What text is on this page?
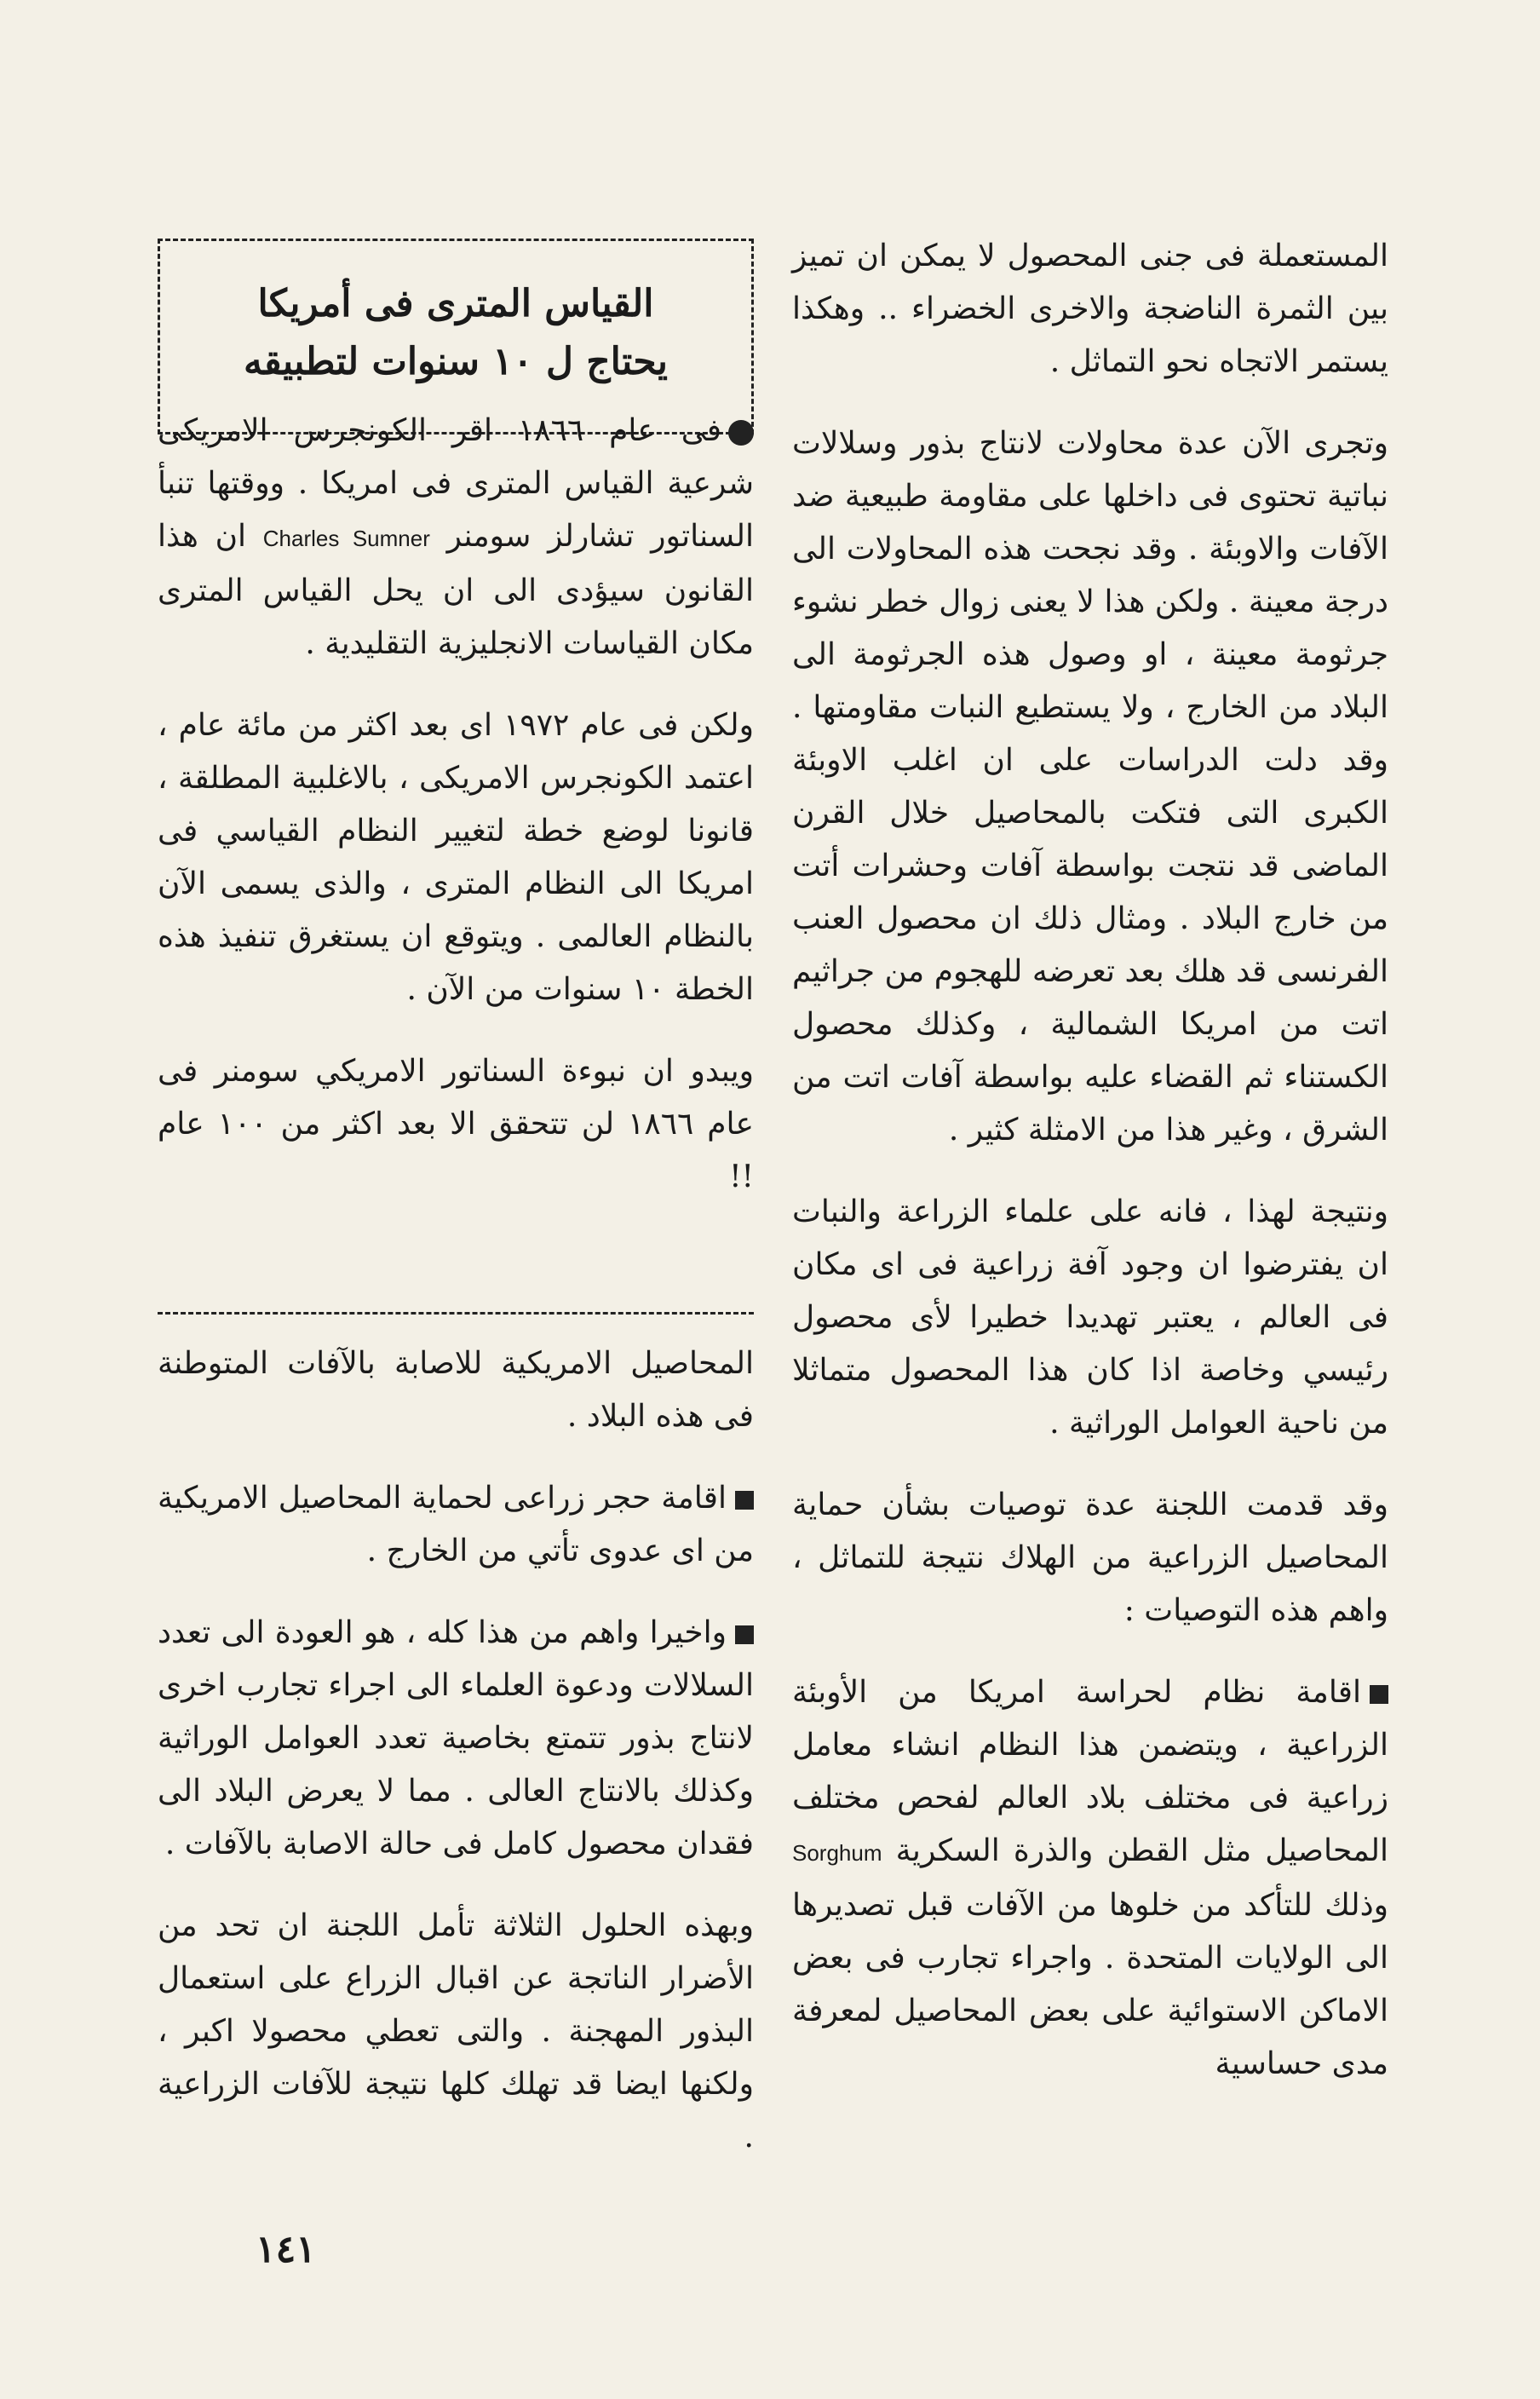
المستعملة فى جنى المحصول لا يمكن ان تميز بين الثمرة الناضجة والاخرى الخضراء .. وهكذا يستمر الاتجاه نحو التماثل .

وتجرى الآن عدة محاولات لانتاج بذور وسلالات نباتية تحتوى فى داخلها على مقاومة طبيعية ضد الآفات والاوبئة . وقد نجحت هذه المحاولات الى درجة معينة . ولكن هذا لا يعنى زوال خطر نشوء جرثومة معينة ، او وصول هذه الجرثومة الى البلاد من الخارج ، ولا يستطيع النبات مقاومتها . وقد دلت الدراسات على ان اغلب الاوبئة الكبرى التى فتكت بالمحاصيل خلال القرن الماضى قد نتجت بواسطة آفات وحشرات أتت من خارج البلاد . ومثال ذلك ان محصول العنب الفرنسى قد هلك بعد تعرضه للهجوم من جراثيم اتت من امريكا الشمالية ، وكذلك محصول الكستناء ثم القضاء عليه بواسطة آفات اتت من الشرق ، وغير هذا من الامثلة كثير .

ونتيجة لهذا ، فانه على علماء الزراعة والنبات ان يفترضوا ان وجود آفة زراعية فى اى مكان فى العالم ، يعتبر تهديدا خطيرا لأى محصول رئيسي وخاصة اذا كان هذا المحصول متماثلا من ناحية العوامل الوراثية .

وقد قدمت اللجنة عدة توصيات بشأن حماية المحاصيل الزراعية من الهلاك نتيجة للتماثل ، واهم هذه التوصيات :

اقامة نظام لحراسة امريكا من الأوبئة الزراعية ، ويتضمن هذا النظام انشاء معامل زراعية فى مختلف بلاد العالم لفحص مختلف المحاصيل مثل القطن والذرة السكرية Sorghum وذلك للتأكد من خلوها من الآفات قبل تصديرها الى الولايات المتحدة . واجراء تجارب فى بعض الاماكن الاستوائية على بعض المحاصيل لمعرفة مدى حساسية

القياس المترى فى أمريكا
يحتاج ل ١٠ سنوات لتطبيقه

فى عام ١٨٦٦ اقر الكونجرس الامريكى شرعية القياس المترى فى امريكا . ووقتها تنبأ السناتور تشارلز سومنر Charles Sumner ان هذا القانون سيؤدى الى ان يحل القياس المترى مكان القياسات الانجليزية التقليدية .

ولكن فى عام ١٩٧٢ اى بعد اكثر من مائة عام ، اعتمد الكونجرس الامريكى ، بالاغلبية المطلقة ، قانونا لوضع خطة لتغيير النظام القياسي فى امريكا الى النظام المترى ، والذى يسمى الآن بالنظام العالمى . ويتوقع ان يستغرق تنفيذ هذه الخطة ١٠ سنوات من الآن .

ويبدو ان نبوءة السناتور الامريكي سومنر فى عام ١٨٦٦ لن تتحقق الا بعد اكثر من ١٠٠ عام !!

المحاصيل الامريكية للاصابة بالآفات المتوطنة فى هذه البلاد .

اقامة حجر زراعى لحماية المحاصيل الامريكية من اى عدوى تأتي من الخارج .

واخيرا واهم من هذا كله ، هو العودة الى تعدد السلالات ودعوة العلماء الى اجراء تجارب اخرى لانتاج بذور تتمتع بخاصية تعدد العوامل الوراثية وكذلك بالانتاج العالى . مما لا يعرض البلاد الى فقدان محصول كامل فى حالة الاصابة بالآفات .

وبهذه الحلول الثلاثة تأمل اللجنة ان تحد من الأضرار الناتجة عن اقبال الزراع على استعمال البذور المهجنة . والتى تعطي محصولا اكبر ، ولكنها ايضا قد تهلك كلها نتيجة للآفات الزراعية .

١٤١
